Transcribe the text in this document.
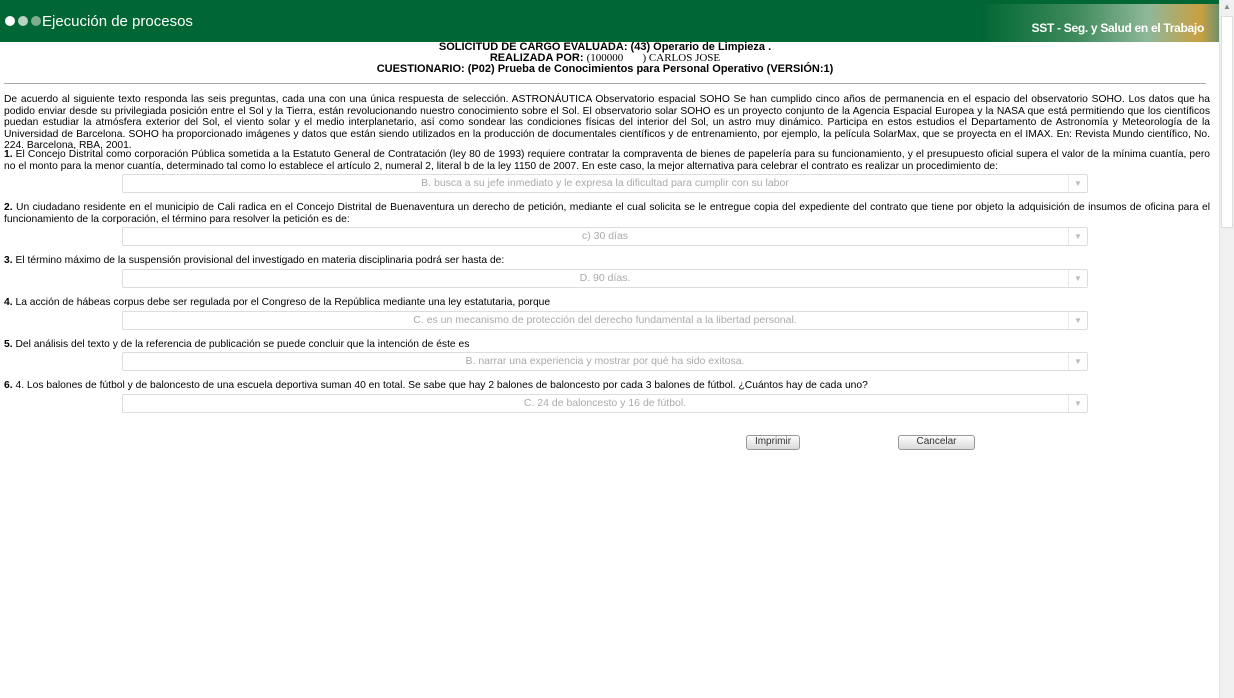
Ejecución de procesos	SST - Seg. y Salud en el Trabajo
▲
SOLICITUD DE CARGO EVALUADA: (43) Operario de Limpieza .
REALIZADA POR: (100000       ) CARLOS JOSE
CUESTIONARIO: (P02) Prueba de Conocimientos para Personal Operativo (VERSIÓN:1)
De acuerdo al siguiente texto responda las seis preguntas, cada una con una única respuesta de selección. ASTRONÁUTICA Observatorio espacial SOHO Se han cumplido cinco años de permanencia en el espacio del observatorio SOHO. Los datos que ha podido enviar desde su privilegiada posición entre el Sol y la Tierra, están revolucionando nuestro conocimiento sobre el Sol. El observatorio solar SOHO es un proyecto conjunto de la Agencia Espacial Europea y la NASA que está permitiendo que los científicos puedan estudiar la atmósfera exterior del Sol, el viento solar y el medio interplanetario, así como sondear las condiciones físicas del interior del Sol, un astro muy dinámico. Participa en estos estudios el Departamento de Astronomía y Meteorología de la Universidad de Barcelona. SOHO ha proporcionado imágenes y datos que están siendo utilizados en la producción de documentales científicos y de entrenamiento, por ejemplo, la película SolarMax, que se proyecta en el IMAX. En: Revista Mundo científico, No. 224. Barcelona, RBA, 2001.
1. El Concejo Distrital como corporación Pública sometida a la Estatuto General de Contratación (ley 80 de 1993) requiere contratar la compraventa de bienes de papelería para su funcionamiento, y el presupuesto oficial supera el valor de la mínima cuantía, pero no el monto para la menor cuantía, determinado tal como lo establece el artículo 2, numeral 2, literal b de la ley 1150 de 2007. En este caso, la mejor alternativa para celebrar el contrato es realizar un procedimiento de:
B. busca a su jefe inmediato y le expresa la dificultad para cumplir con su labor	▼
2. Un ciudadano residente en el municipio de Cali radica en el Concejo Distrital de Buenaventura un derecho de petición, mediante el cual solicita se le entregue copia del expediente del contrato que tiene por objeto la adquisición de insumos de oficina para el funcionamiento de la corporación, el término para resolver la petición es de:
c) 30 días	▼
3. El término máximo de la suspensión provisional del investigado en materia disciplinaria podrá ser hasta de:
D. 90 días.	▼
4. La acción de hábeas corpus debe ser regulada por el Congreso de la República mediante una ley estatutaria, porque
C. es un mecanismo de protección del derecho fundamental a la libertad personal.	▼
5. Del análisis del texto y de la referencia de publicación se puede concluir que la intención de éste es
B. narrar una experiencia y mostrar por qué ha sido exitosa.	▼
6. 4. Los balones de fútbol y de baloncesto de una escuela deportiva suman 40 en total. Se sabe que hay 2 balones de baloncesto por cada 3 balones de fútbol. ¿Cuántos hay de cada uno?
C. 24 de baloncesto y 16 de fútbol.	▼
Imprimir	Cancelar
